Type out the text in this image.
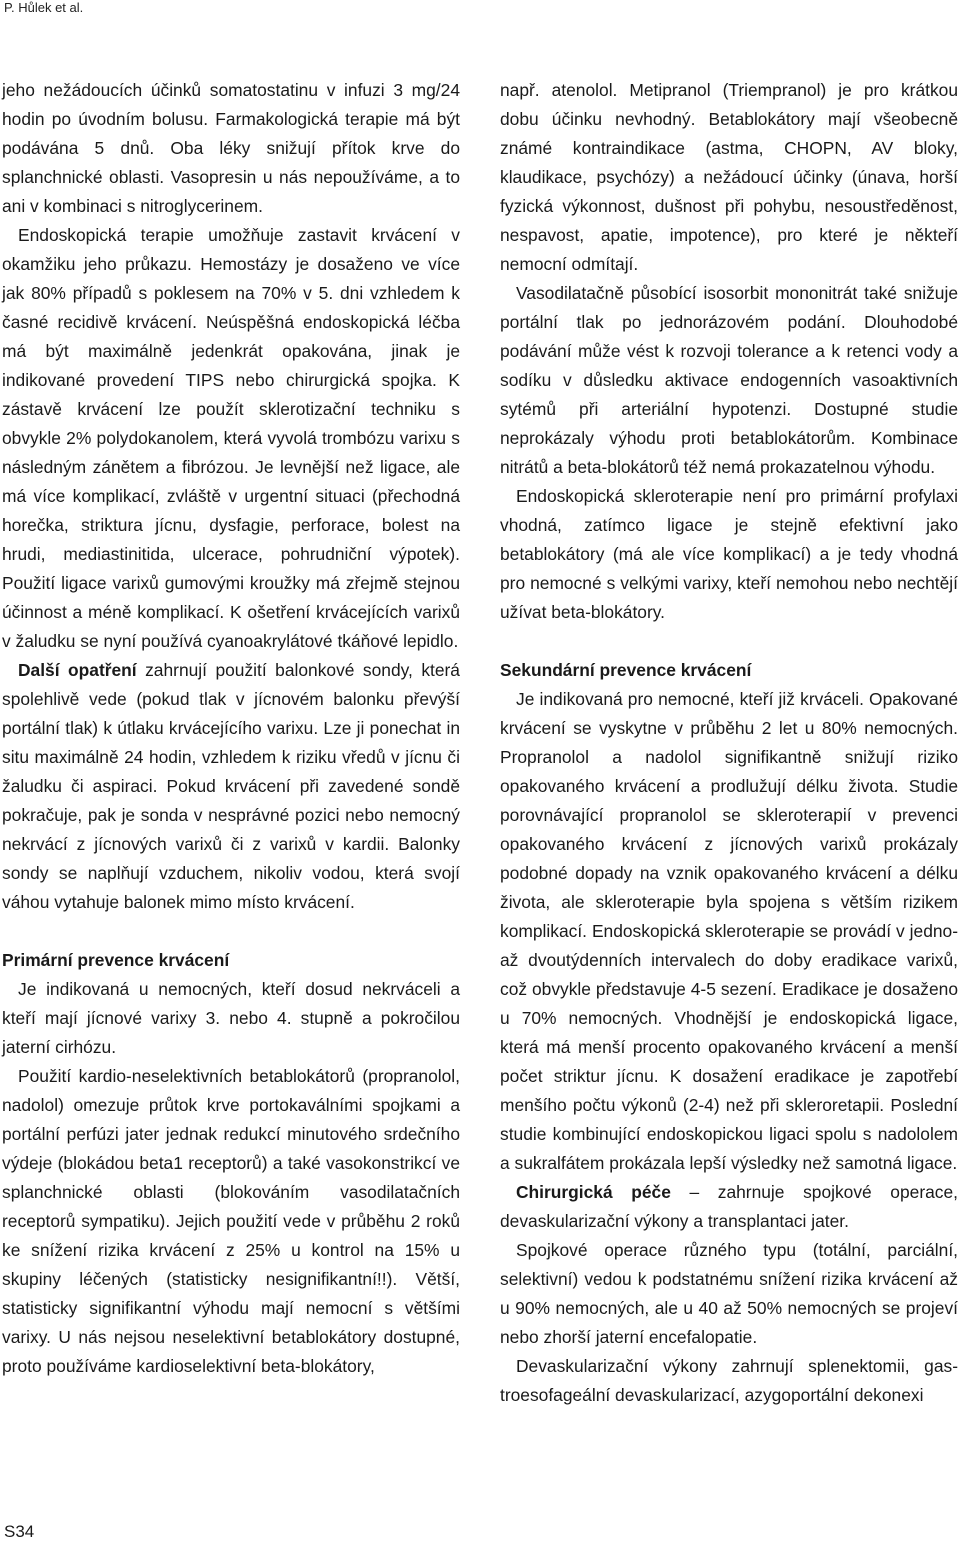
P. Hůlek et al.

jeho nežádoucích účinků somatostatinu v infuzi 3 mg/24 hodin po úvodním bolusu. Farmakologická terapie má být podávána 5 dnů. Oba léky snižují přítok krve do splanchnické oblasti. Vasopresin u nás nepoužíváme, a to ani v kombinaci s nitroglycerinem.

Endoskopická terapie umožňuje zastavit krvácení v okamžiku jeho průkazu. Hemostázy je dosaženo ve více jak 80% případů s poklesem na 70% v 5. dni vzhledem k časné recidivě krvácení. Neúspěšná endoskopická léčba má být maximálně jedenkrát opakována, jinak je indikované provedení TIPS nebo chirurgická spojka. K zástavě krvácení lze použít sklerotizační techniku s obvykle 2% polydokanolem, která vyvolá trombózu varixu s následným zánětem a fibrózou. Je levnější než ligace, ale má více komplikací, zvláště v urgentní situaci (přechodná horečka, striktura jícnu, dysfagie, perforace, bolest na hrudi, mediastinitida, ulcerace, pohrudniční výpotek). Použití ligace varixů gumovými kroužky má zřejmě stejnou účinnost a méně komplikací. K ošetření krvácejících varixů v žaludku se nyní používá cyanoakrylátové tkáňové lepidlo.

Další opatření zahrnují použití balonkové sondy, která spolehlivě vede (pokud tlak v jícnovém balonku převýší portální tlak) k útlaku krvácejícího varixu. Lze ji ponechat in situ maximálně 24 hodin, vzhledem k riziku vředů v jícnu či žaludku či aspiraci. Pokud krvácení při zavedené sondě pokračuje, pak je sonda v nesprávné pozici nebo nemocný nekrvácí z jícnových varixů či z varixů v kardii. Balonky sondy se naplňují vzduchem, nikoliv vodou, která svojí váhou vytahuje balonek mimo místo krvácení.

Primární prevence krvácení

Je indikovaná u nemocných, kteří dosud nekrváceli a kteří mají jícnové varixy 3. nebo 4. stupně a pokročilou jaterní cirhózu.

Použití kardio-neselektivních betablokátorů (propranolol, nadolol) omezuje průtok krve portokaválními spojkami a portální perfúzi jater jednak redukcí minutového srdečního výdeje (blokádou beta1 receptorů) a také vasokonstrikcí ve splanchnické oblasti (blokováním vasodilatačních receptorů sympatiku). Jejich použití vede v průběhu 2 roků ke snížení rizika krvácení z 25% u kontrol na 15% u skupiny léčených (statisticky nesignifikantní!!). Větší, statisticky signifikantní výhodu mají nemocní s většími varixy. U nás nejsou neselektivní betablokátory dostupné, proto používáme kardioselektivní beta-blokátory,

např. atenolol. Metipranol (Triempranol) je pro krátkou dobu účinku nevhodný. Betablokátory mají všeobecně známé kontraindikace (astma, CHOPN, AV bloky, klaudikace, psychózy) a nežádoucí účinky (únava, horší fyzická výkonnost, dušnost při pohybu, nesoustředěnost, nespavost, apatie, impotence), pro které je někteří nemocní odmítají.

Vasodilatačně působící isosorbit mononitrát také snižuje portální tlak po jednorázovém podání. Dlouhodobé podávání může vést k rozvoji tolerance a k retenci vody a sodíku v důsledku aktivace endogenních vasoaktivních sytémů při arteriální hypotenzi. Dostupné studie neprokázaly výhodu proti betablokátorům. Kombinace nitrátů a beta-blokátorů též nemá prokazatelnou výhodu.

Endoskopická skleroterapie není pro primární profylaxi vhodná, zatímco ligace je stejně efektivní jako betablokátory (má ale více komplikací) a je tedy vhodná pro nemocné s velkými varixy, kteří nemohou nebo nechtějí užívat beta-blokátory.

Sekundární prevence krvácení

Je indikovaná pro nemocné, kteří již krváceli. Opakované krvácení se vyskytne v průběhu 2 let u 80% nemocných. Propranolol a nadolol signifikantně snižují riziko opakovaného krvácení a prodlužují délku života. Studie porovnávající propranolol se skleroterapií v prevenci opakovaného krvácení z jícnových varixů prokázaly podobné dopady na vznik opakovaného krvácení a délku života, ale skleroterapie byla spojena s větším rizikem komplikací. Endoskopická skleroterapie se provádí v jedno- až dvoutýdenních intervalech do doby eradikace varixů, což obvykle představuje 4-5 sezení. Eradikace je dosaženo u 70% nemocných. Vhodnější je endoskopická ligace, která má menší procento opakovaného krvácení a menší počet striktur jícnu. K dosažení eradikace je zapotřebí menšího počtu výkonů (2-4) než při skleroretapii. Poslední studie kombinující endoskopickou ligaci spolu s nadololem a sukralfátem prokázala lepší výsledky než samotná ligace.

Chirurgická péče – zahrnuje spojkové operace, devaskularizační výkony a transplantaci jater.

Spojkové operace různého typu (totální, parciální, selektivní) vedou k podstatnému snížení rizika krvácení až u 90% nemocných, ale u 40 až 50% nemocných se projeví nebo zhorší jaterní encefalopatie.

Devaskularizační výkony zahrnují splenektomii, gastroesofageální devaskularizací, azygoportální dekonexi

S34
